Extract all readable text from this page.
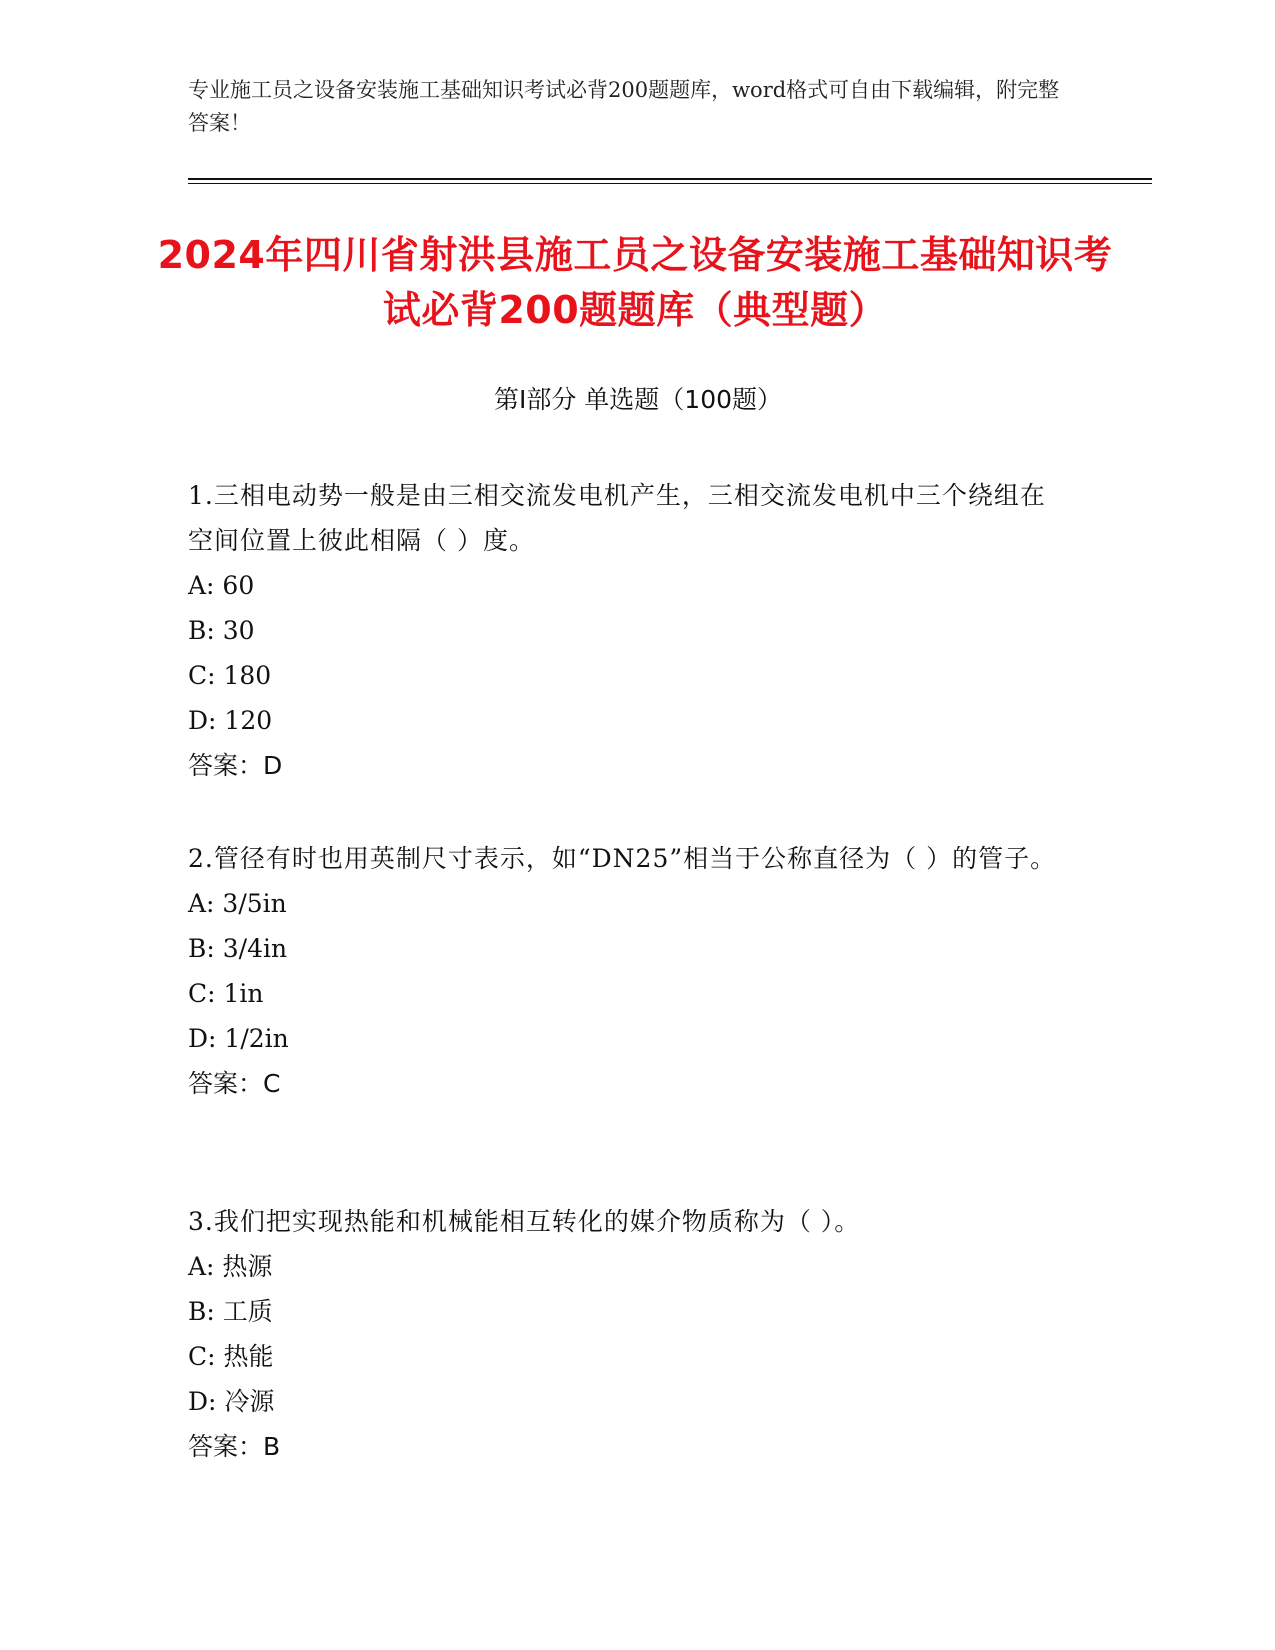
专业施工员之设备安装施工基础知识考试必背200题题库，word格式可自由下载编辑，附完整答案！
2024年四川省射洪县施工员之设备安装施工基础知识考试必背200题题库（典型题）
第Ⅰ部分 单选题（100题）
1.三相电动势一般是由三相交流发电机产生，三相交流发电机中三个绕组在空间位置上彼此相隔（ ）度。
A: 60
B: 30
C: 180
D: 120
答案：D
2.管径有时也用英制尺寸表示，如“DN25”相当于公称直径为（ ）的管子。
A: 3/5in
B: 3/4in
C: 1in
D: 1/2in
答案：C
3.我们把实现热能和机械能相互转化的媒介物质称为（ ）。
A: 热源
B: 工质
C: 热能
D: 冷源
答案：B
